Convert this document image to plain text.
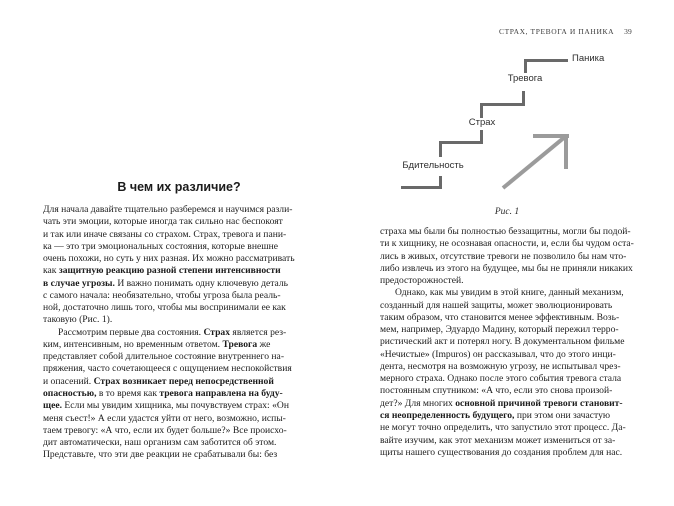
СТРАХ, ТРЕВОГА И ПАНИКА 39
В чем их различие?
Для начала давайте тщательно разберемся и научимся разли-
чать эти эмоции, которые иногда так сильно нас беспокоят
и так или иначе связаны со страхом. Страх, тревога и пани-
ка — это три эмоциональных состояния, которые внешне
очень похожи, но суть у них разная. Их можно рассматривать
как защитную реакцию разной степени интенсивности
в случае угрозы. И важно понимать одну ключевую деталь
с самого начала: необязательно, чтобы угроза была реаль-
ной, достаточно лишь того, чтобы мы воспринимали ее как
таковую (Рис. 1).
Рассмотрим первые два состояния. Страх является рез-
ким, интенсивным, но временным ответом. Тревога же
представляет собой длительное состояние внутреннего на-
пряжения, часто сочетающееся с ощущением неспокойствия
и опасений. Страх возникает перед непосредственной
опасностью, в то время как тревога направлена на буду-
щее. Если мы увидим хищника, мы почувствуем страх: «Он
меня съест!» А если удастся уйти от него, возможно, испы-
таем тревогу: «А что, если их будет больше?» Все происхо-
дит автоматически, наш организм сам заботится об этом.
Представьте, что эти две реакции не срабатывали бы: без
Бдительность
Страх
Тревога
Паника
Рис. 1
страха мы были бы полностью беззащитны, могли бы подой-
ти к хищнику, не осознавая опасности, и, если бы чудом оста-
лись в живых, отсутствие тревоги не позволило бы нам что-
либо извлечь из этого на будущее, мы бы не приняли никаких
предосторожностей.
Однако, как мы увидим в этой книге, данный механизм,
созданный для нашей защиты, может эволюционировать
таким образом, что становится менее эффективным. Возь-
мем, например, Эдуардо Мадину, который пережил терро-
ристический акт и потерял ногу. В документальном фильме
«Нечистые» (Impuros) он рассказывал, что до этого инци-
дента, несмотря на возможную угрозу, не испытывал чрез-
мерного страха. Однако после этого события тревога стала
постоянным спутником: «А что, если это снова произой-
дет?» Для многих основной причиной тревоги становит-
ся неопределенность будущего, при этом они зачастую
не могут точно определить, что запустило этот процесс. Да-
вайте изучим, как этот механизм может измениться от за-
щиты нашего существования до создания проблем для нас.
